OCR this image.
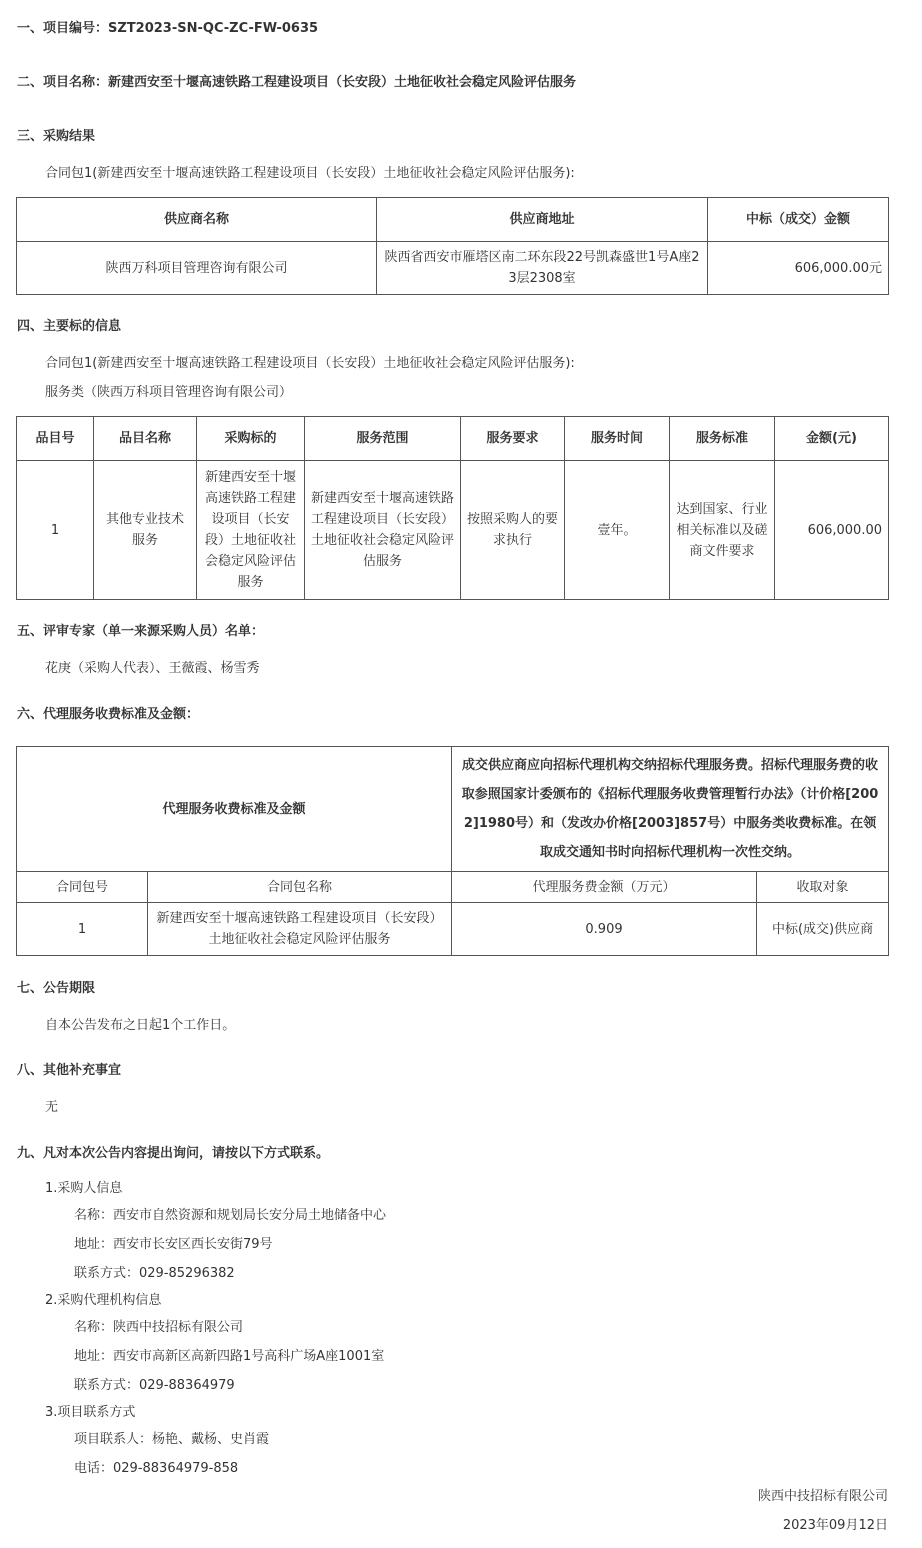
一、项目编号：SZT2023-SN-QC-ZC-FW-0635
二、项目名称：新建西安至十堰高速铁路工程建设项目（长安段）土地征收社会稳定风险评估服务
三、采购结果
合同包1(新建西安至十堰高速铁路工程建设项目（长安段）土地征收社会稳定风险评估服务):
供应商名称	供应商地址	中标（成交）金额
陕西万科项目管理咨询有限公司	陕西省西安市雁塔区南二环东段22号凯森盛世1号A座23层2308室	606,000.00元
四、主要标的信息
合同包1(新建西安至十堰高速铁路工程建设项目（长安段）土地征收社会稳定风险评估服务):
服务类（陕西万科项目管理咨询有限公司）
品目号	品目名称	采购标的	服务范围	服务要求	服务时间	服务标准	金额(元)
1	其他专业技术服务	新建西安至十堰高速铁路工程建设项目（长安段）土地征收社会稳定风险评估服务	新建西安至十堰高速铁路工程建设项目（长安段）土地征收社会稳定风险评估服务	按照采购人的要求执行	壹年。	达到国家、行业相关标准以及磋商文件要求	606,000.00
五、评审专家（单一来源采购人员）名单：
花庚（采购人代表）、王薇霞、杨雪秀
六、代理服务收费标准及金额：
代理服务收费标准及金额		成交供应商应向招标代理机构交纳招标代理服务费。招标代理服务费的收取参照国家计委颁布的《招标代理服务收费管理暂行办法》（计价格[2002]1980号）和（发改办价格[2003]857号）中服务类收费标准。在领取成交通知书时向招标代理机构一次性交纳。	
合同包号	合同包名称	代理服务费金额（万元）	收取对象
1	新建西安至十堰高速铁路工程建设项目（长安段）土地征收社会稳定风险评估服务	0.909	中标(成交)供应商
七、公告期限
自本公告发布之日起1个工作日。
八、其他补充事宜
无
九、凡对本次公告内容提出询问，请按以下方式联系。
1.采购人信息
名称：西安市自然资源和规划局长安分局土地储备中心
地址：西安市长安区西长安街79号
联系方式：029-85296382
2.采购代理机构信息
名称：陕西中技招标有限公司
地址：西安市高新区高新四路1号高科广场A座1001室
联系方式：029-88364979
3.项目联系方式
项目联系人：杨艳、戴杨、史肖霞
电话：029-88364979-858
陕西中技招标有限公司
2023年09月12日
